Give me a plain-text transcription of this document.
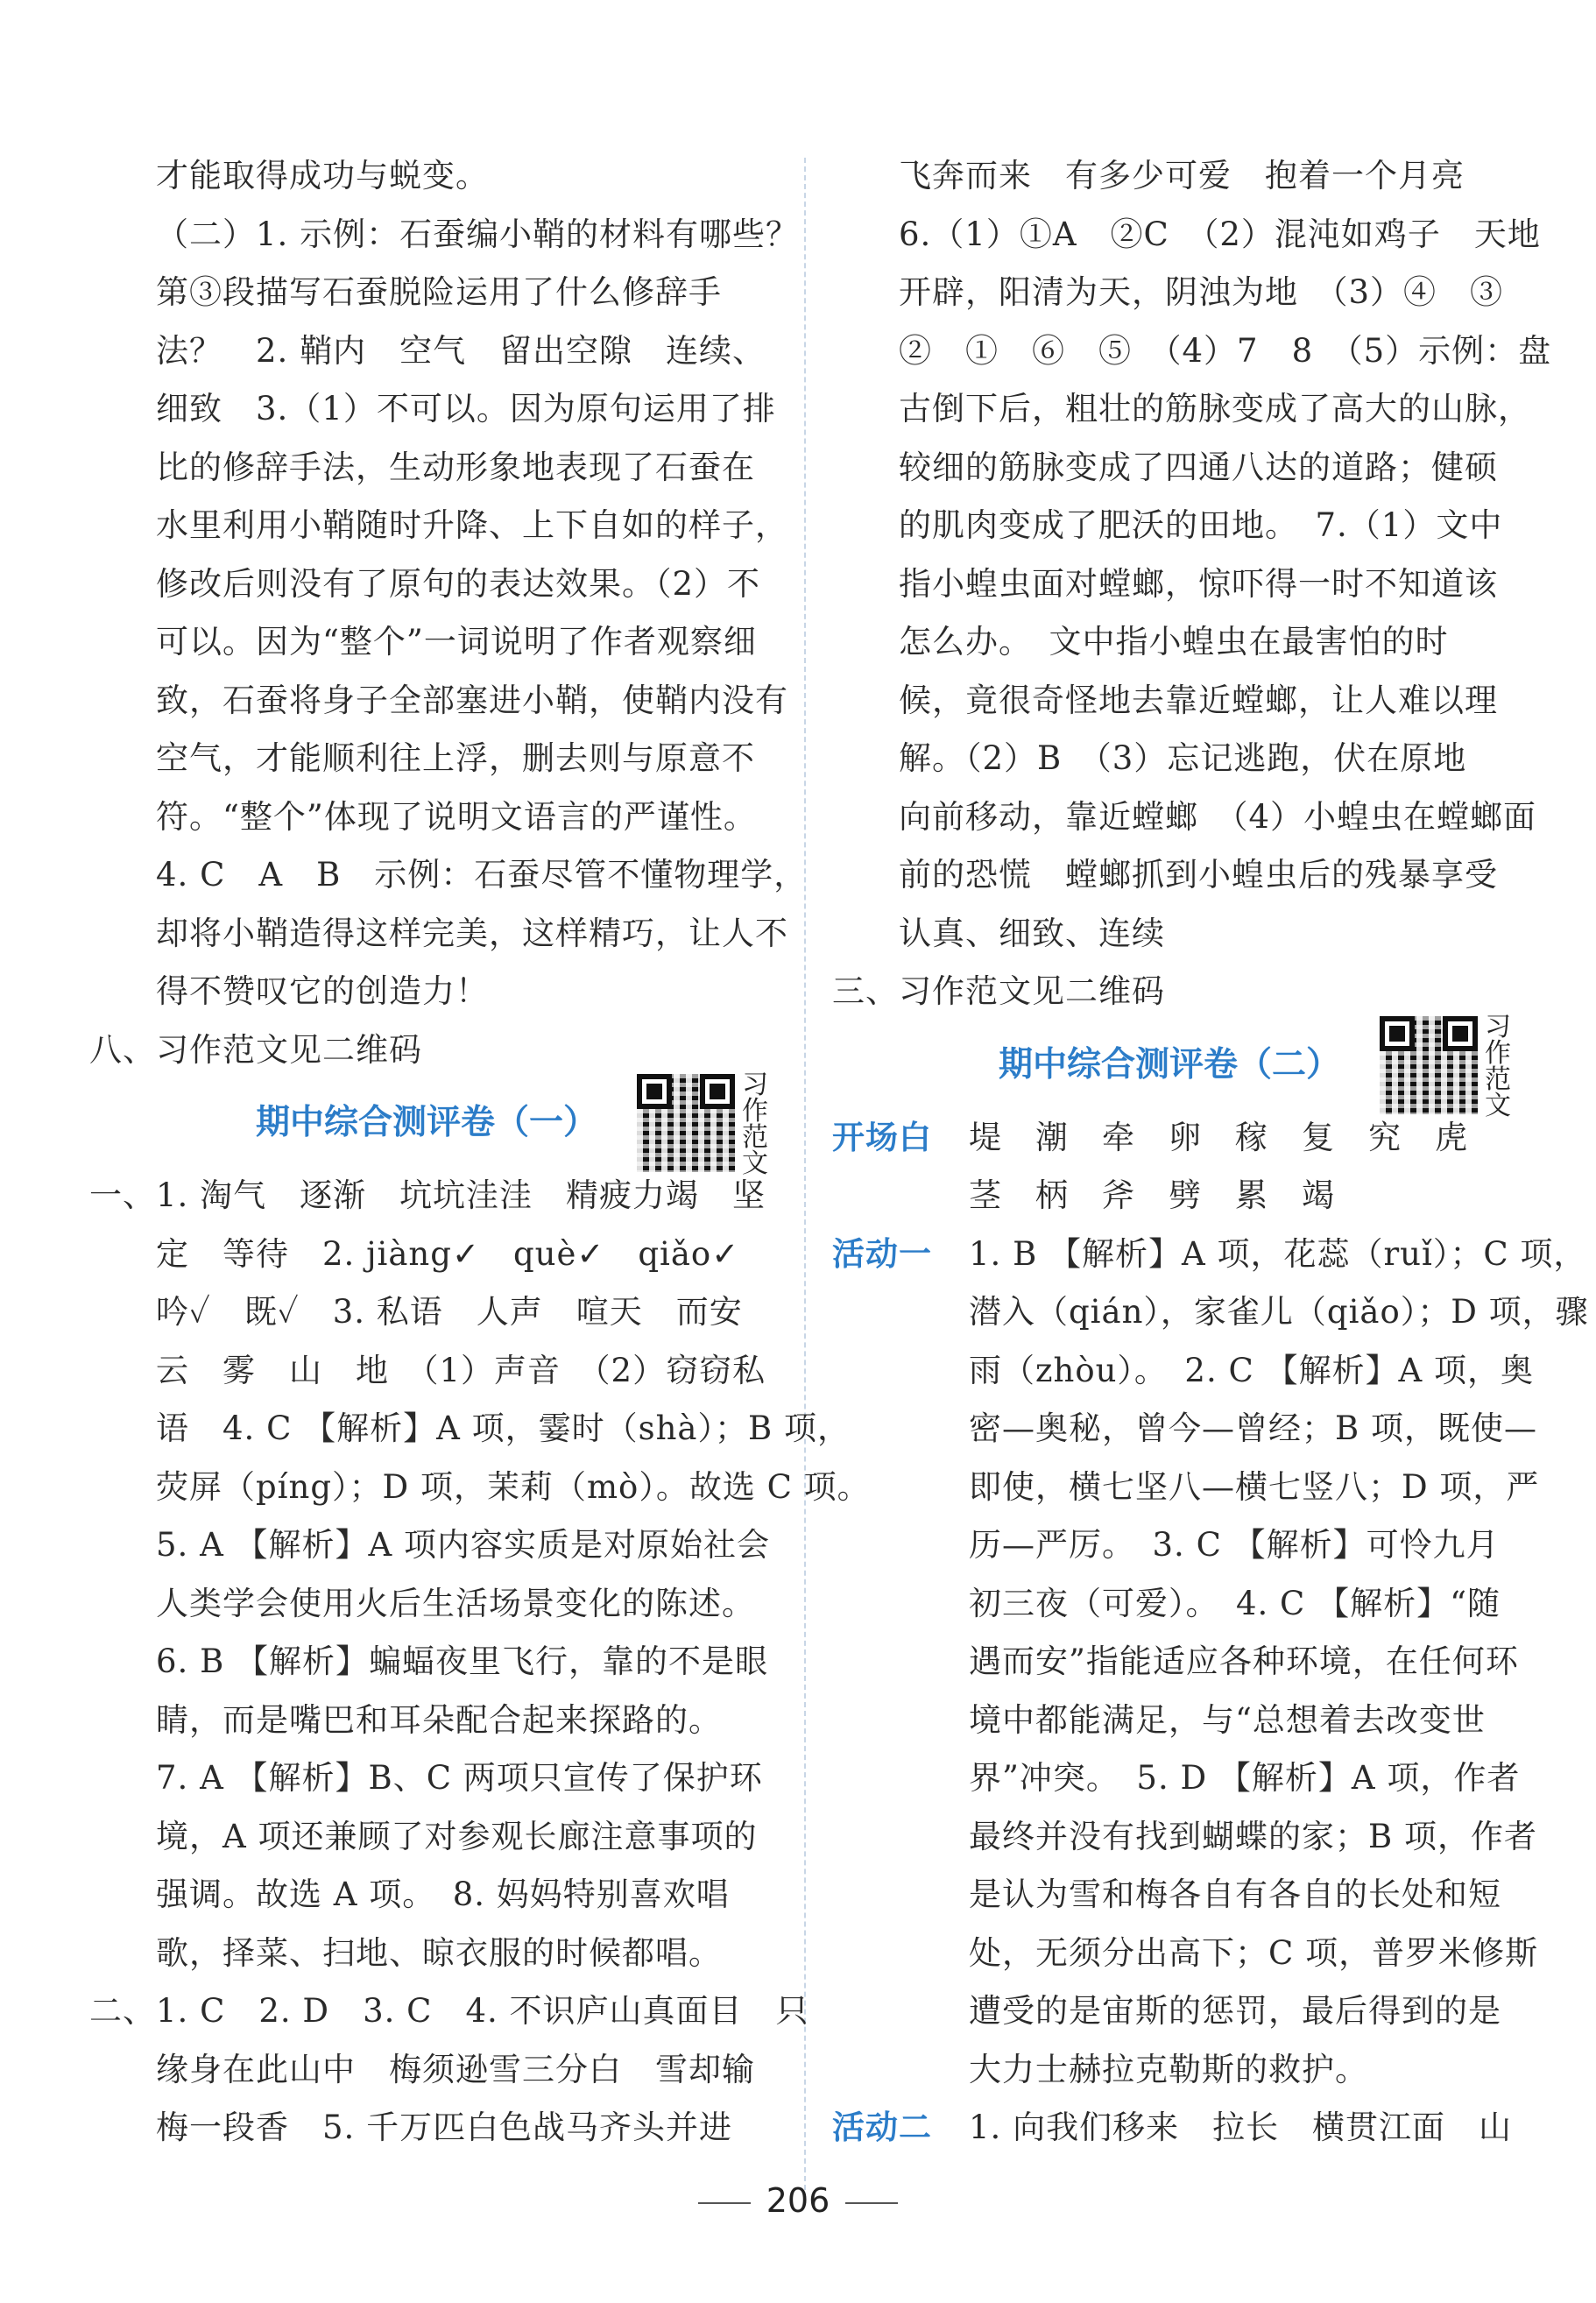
才能取得成功与蜕变。
（二）1. 示例：石蚕编小鞘的材料有哪些？
第③段描写石蚕脱险运用了什么修辞手
法？　2. 鞘内　空气　留出空隙　连续、
细致　3.（1）不可以。因为原句运用了排
比的修辞手法，生动形象地表现了石蚕在
水里利用小鞘随时升降、上下自如的样子，
修改后则没有了原句的表达效果。（2）不
可以。因为“整个”一词说明了作者观察细
致，石蚕将身子全部塞进小鞘，使鞘内没有
空气，才能顺利往上浮，删去则与原意不
符。“整个”体现了说明文语言的严谨性。
4. C　A　B　示例：石蚕尽管不懂物理学，
却将小鞘造得这样完美，这样精巧，让人不
得不赞叹它的创造力！
八、习作范文见二维码
期中综合测评卷（一）
习作范文
一、1. 淘气　逐渐　坑坑洼洼　精疲力竭　坚
定　等待　2. jiàng✓　què✓　qiǎo✓
吟✓　既✓　3. 私语　人声　喧天　而安
云　雾　山　地　（1）声音　（2）窃窃私
语　4. C 【解析】A 项，霎时（shà）；B 项，
荧屏（píng）；D 项，茉莉（mò）。故选 C 项。
5. A 【解析】A 项内容实质是对原始社会
人类学会使用火后生活场景变化的陈述。
6. B 【解析】蝙蝠夜里飞行，靠的不是眼
睛，而是嘴巴和耳朵配合起来探路的。
7. A 【解析】B、C 两项只宣传了保护环
境，A 项还兼顾了对参观长廊注意事项的
强调。故选 A 项。　8. 妈妈特别喜欢唱
歌，择菜、扫地、晾衣服的时候都唱。
二、1. C　2. D　3. C　4. 不识庐山真面目　只
缘身在此山中　梅须逊雪三分白　雪却输
梅一段香　5. 千万匹白色战马齐头并进
飞奔而来　有多少可爱　抱着一个月亮
6.（1）①A　②C　（2）混沌如鸡子　天地
开辟，阳清为天，阴浊为地　（3）④　③
②　①　⑥　⑤　（4）7　8　（5）示例：盘
古倒下后，粗壮的筋脉变成了高大的山脉，
较细的筋脉变成了四通八达的道路；健硕
的肌肉变成了肥沃的田地。　7.（1）文中
指小蝗虫面对螳螂，惊吓得一时不知道该
怎么办。　文中指小蝗虫在最害怕的时
候，竟很奇怪地去靠近螳螂，让人难以理
解。（2）B　（3）忘记逃跑，伏在原地
向前移动，靠近螳螂　（4）小蝗虫在螳螂面
前的恐慌　螳螂抓到小蝗虫后的残暴享受
认真、细致、连续
三、习作范文见二维码
期中综合测评卷（二）
习作范文
开场白 堤　潮　牵　卵　稼　复　究　虎
茎　柄　斧　劈　累　竭
活动一 1. B 【解析】A 项，花蕊（ruǐ）；C 项，
潜入（qián），家雀儿（qiǎo）；D 项，骤
雨（zhòu）。　2. C 【解析】A 项，奥
密—奥秘，曾今—曾经；B 项，既使—
即使，横七坚八—横七竖八；D 项，严
历—严厉。　3. C 【解析】可怜九月
初三夜（可爱）。　4. C 【解析】“随
遇而安”指能适应各种环境，在任何环
境中都能满足，与“总想着去改变世
界”冲突。　5. D 【解析】A 项，作者
最终并没有找到蝴蝶的家；B 项，作者
是认为雪和梅各自有各自的长处和短
处，无须分出高下；C 项，普罗米修斯
遭受的是宙斯的惩罚，最后得到的是
大力士赫拉克勒斯的救护。
活动二 1. 向我们移来　拉长　横贯江面　山
206
